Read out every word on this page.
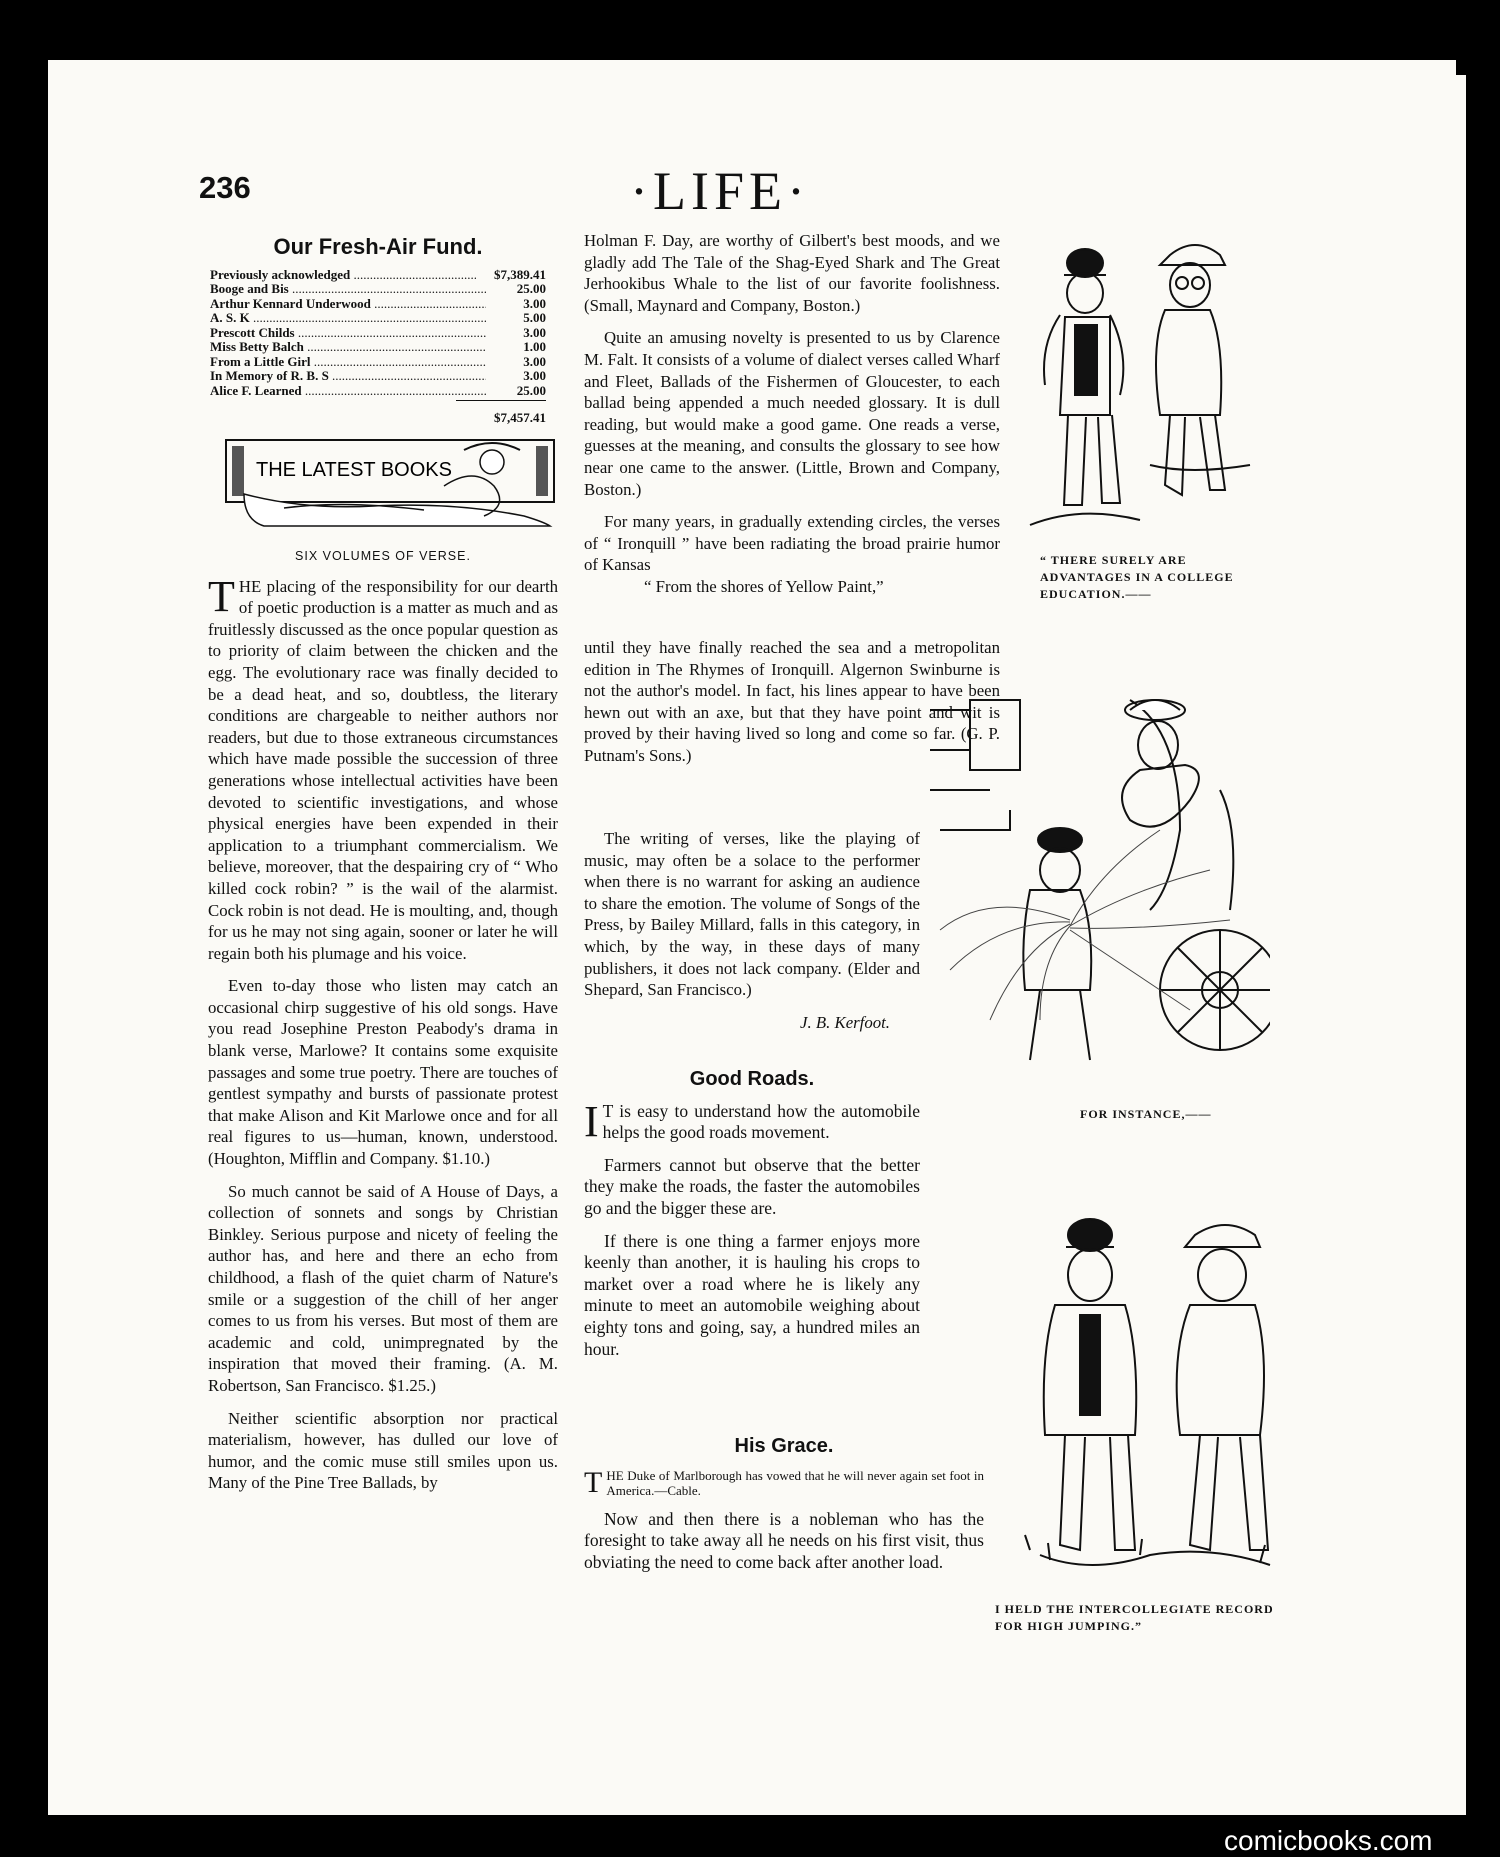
236	·LIFE·
Our Fresh-Air Fund.
Previously acknowledged .....	$7,389.41
Booge and Bis .....	25.00
Arthur Kennard Underwood .....	3.00
A. S. K .....	5.00
Prescott Childs .....	3.00
Miss Betty Balch .....	1.00
From a Little Girl .....	3.00
In Memory of R. B. S .....	3.00
Alice F. Learned .....	25.00
$7,457.41
THE LATEST BOOKS
SIX VOLUMES OF VERSE.

THE placing of the responsibility for our dearth of poetic production is a matter as much and as fruitlessly discussed as the once popular question as to priority of claim between the chicken and the egg. The evolutionary race was finally decided to be a dead heat, and so, doubtless, the literary conditions are chargeable to neither authors nor readers, but due to those extraneous circumstances which have made possible the succession of three generations whose intellectual activities have been devoted to scientific investigations, and whose physical energies have been expended in their application to a triumphant commercialism. We believe, moreover, that the despairing cry of “ Who killed cock robin? ” is the wail of the alarmist. Cock robin is not dead. He is moulting, and, though for us he may not sing again, sooner or later he will regain both his plumage and his voice.

Even to-day those who listen may catch an occasional chirp suggestive of his old songs. Have you read Josephine Preston Peabody's drama in blank verse, Marlowe? It contains some exquisite passages and some true poetry. There are touches of gentlest sympathy and bursts of passionate protest that make Alison and Kit Marlowe once and for all real figures to us—human, known, understood. (Houghton, Mifflin and Company. $1.10.)

So much cannot be said of A House of Days, a collection of sonnets and songs by Christian Binkley. Serious purpose and nicety of feeling the author has, and here and there an echo from childhood, a flash of the quiet charm of Nature's smile or a suggestion of the chill of her anger comes to us from his verses. But most of them are academic and cold, unimpregnated by the inspiration that moved their framing. (A. M. Robertson, San Francisco. $1.25.)

Neither scientific absorption nor practical materialism, however, has dulled our love of humor, and the comic muse still smiles upon us. Many of the Pine Tree Ballads, by

Holman F. Day, are worthy of Gilbert's best moods, and we gladly add The Tale of the Shag-Eyed Shark and The Great Jerhookibus Whale to the list of our favorite foolishness. (Small, Maynard and Company, Boston.)

Quite an amusing novelty is presented to us by Clarence M. Falt. It consists of a volume of dialect verses called Wharf and Fleet, Ballads of the Fishermen of Gloucester, to each ballad being appended a much needed glossary. It is dull reading, but would make a good game. One reads a verse, guesses at the meaning, and consults the glossary to see how near one came to the answer. (Little, Brown and Company, Boston.)

For many years, in gradually extending circles, the verses of “ Ironquill ” have been radiating the broad prairie humor of Kansas

“ From the shores of Yellow Paint,”

until they have finally reached the sea and a metropolitan edition in The Rhymes of Ironquill. Algernon Swinburne is not the author's model. In fact, his lines appear to have been hewn out with an axe, but that they have point and wit is proved by their having lived so long and come so far. (G. P. Putnam's Sons.)

The writing of verses, like the playing of music, may often be a solace to the performer when there is no warrant for asking an audience to share the emotion. The volume of Songs of the Press, by Bailey Millard, falls in this category, in which, by the way, in these days of many publishers, it does not lack company. (Elder and Shepard, San Francisco.)

J. B. Kerfoot.
Good Roads.

I T is easy to understand how the automobile helps the good roads movement.

Farmers cannot but observe that the better they make the roads, the faster the automobiles go and the bigger these are.

If there is one thing a farmer enjoys more keenly than another, it is hauling his crops to market over a road where he is likely any minute to meet an automobile weighing about eighty tons and going, say, a hundred miles an hour.

His Grace.

THE Duke of Marlborough has vowed that he will never again set foot in America.—Cable.

Now and then there is a nobleman who has the foresight to take away all he needs on his first visit, thus obviating the need to come back after another load.

“ THERE SURELY ARE ADVANTAGES IN A COLLEGE EDUCATION.——
FOR INSTANCE,——
I HELD THE INTERCOLLEGIATE RECORD FOR HIGH JUMPING.”
comicbooks.com
